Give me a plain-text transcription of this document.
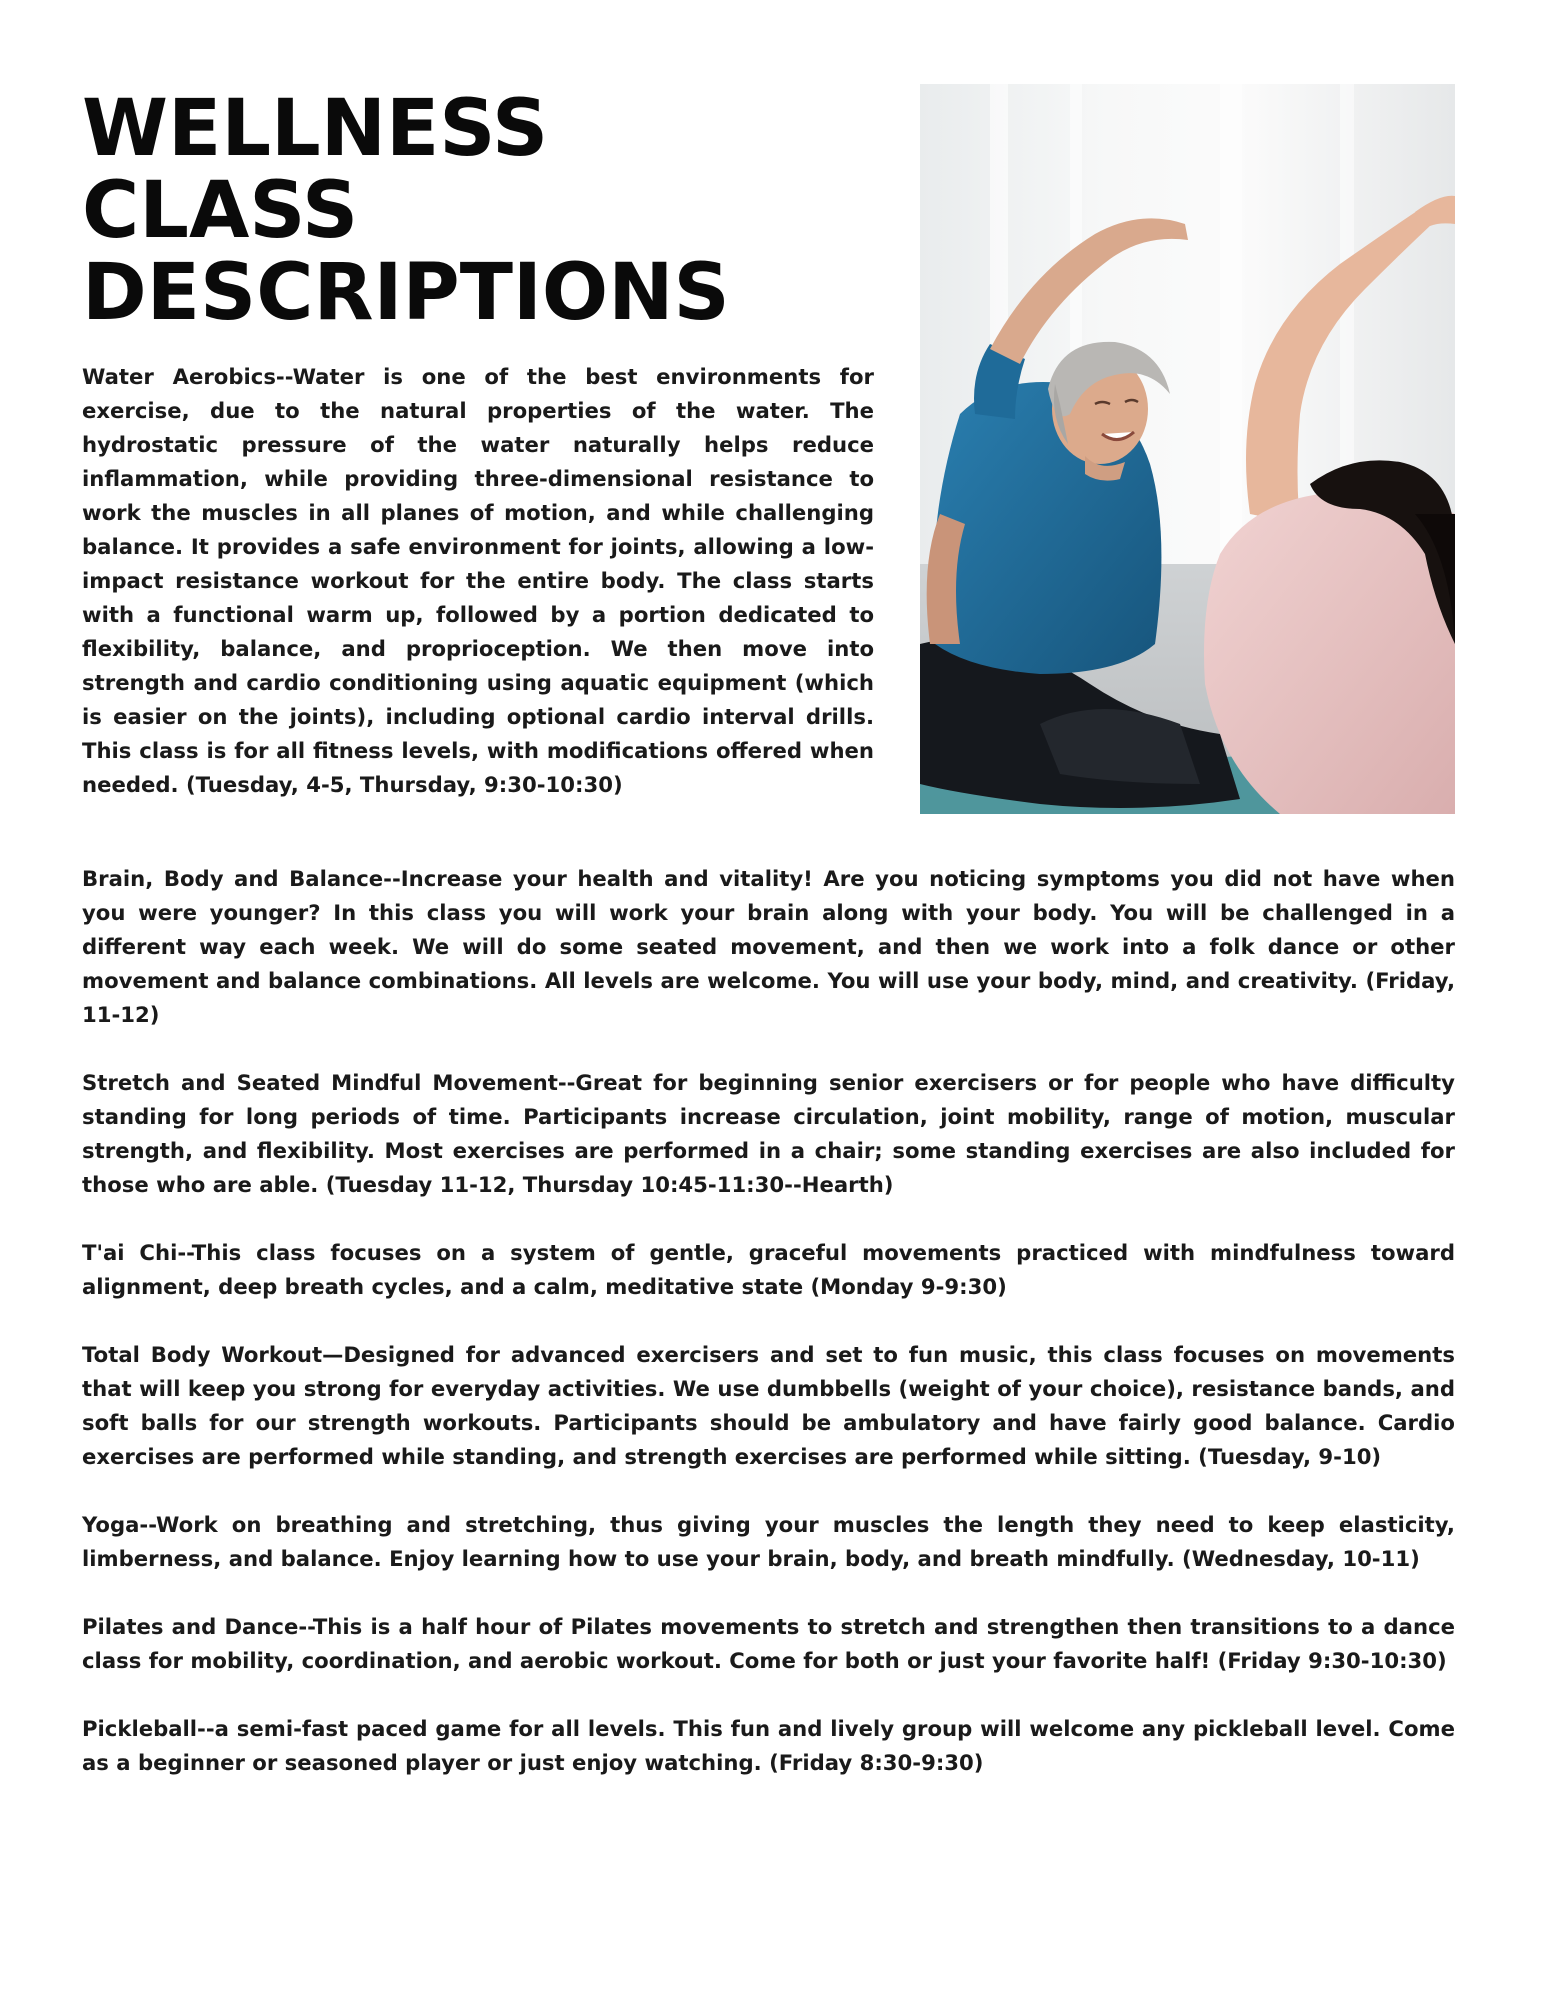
WELLNESS
CLASS
DESCRIPTIONS

Water Aerobics--Water is one of the best environments for exercise, due to the natural properties of the water. The hydrostatic pressure of the water naturally helps reduce inflammation, while providing three-dimensional resistance to work the muscles in all planes of motion, and while challenging balance. It provides a safe environment for joints, allowing a low-impact resistance workout for the entire body. The class starts with a functional warm up, followed by a portion dedicated to flexibility, balance, and proprioception. We then move into strength and cardio conditioning using aquatic equipment (which is easier on the joints), including optional cardio interval drills. This class is for all fitness levels, with modifications offered when needed. (Tuesday, 4-5, Thursday, 9:30-10:30)

Brain, Body and Balance--Increase your health and vitality! Are you noticing symptoms you did not have when you were younger? In this class you will work your brain along with your body. You will be challenged in a different way each week. We will do some seated movement, and then we work into a folk dance or other movement and balance combinations. All levels are welcome. You will use your body, mind, and creativity. (Friday, 11-12)

Stretch and Seated Mindful Movement--Great for beginning senior exercisers or for people who have difficulty standing for long periods of time. Participants increase circulation, joint mobility, range of motion, muscular strength, and flexibility. Most exercises are performed in a chair; some standing exercises are also included for those who are able. (Tuesday 11-12, Thursday 10:45-11:30--Hearth)

T'ai Chi--This class focuses on a system of gentle, graceful movements practiced with mindfulness toward alignment, deep breath cycles, and a calm, meditative state (Monday 9-9:30)

Total Body Workout—Designed for advanced exercisers and set to fun music, this class focuses on movements that will keep you strong for everyday activities. We use dumbbells (weight of your choice), resistance bands, and soft balls for our strength workouts. Participants should be ambulatory and have fairly good balance. Cardio exercises are performed while standing, and strength exercises are performed while sitting. (Tuesday, 9-10)

Yoga--Work on breathing and stretching, thus giving your muscles the length they need to keep elasticity, limberness, and balance. Enjoy learning how to use your brain, body, and breath mindfully. (Wednesday, 10-11)

Pilates and Dance--This is a half hour of Pilates movements to stretch and strengthen then transitions to a dance class for mobility, coordination, and aerobic workout. Come for both or just your favorite half! (Friday 9:30-10:30)

Pickleball--a semi-fast paced game for all levels. This fun and lively group will welcome any pickleball level. Come as a beginner or seasoned player or just enjoy watching. (Friday 8:30-9:30)
